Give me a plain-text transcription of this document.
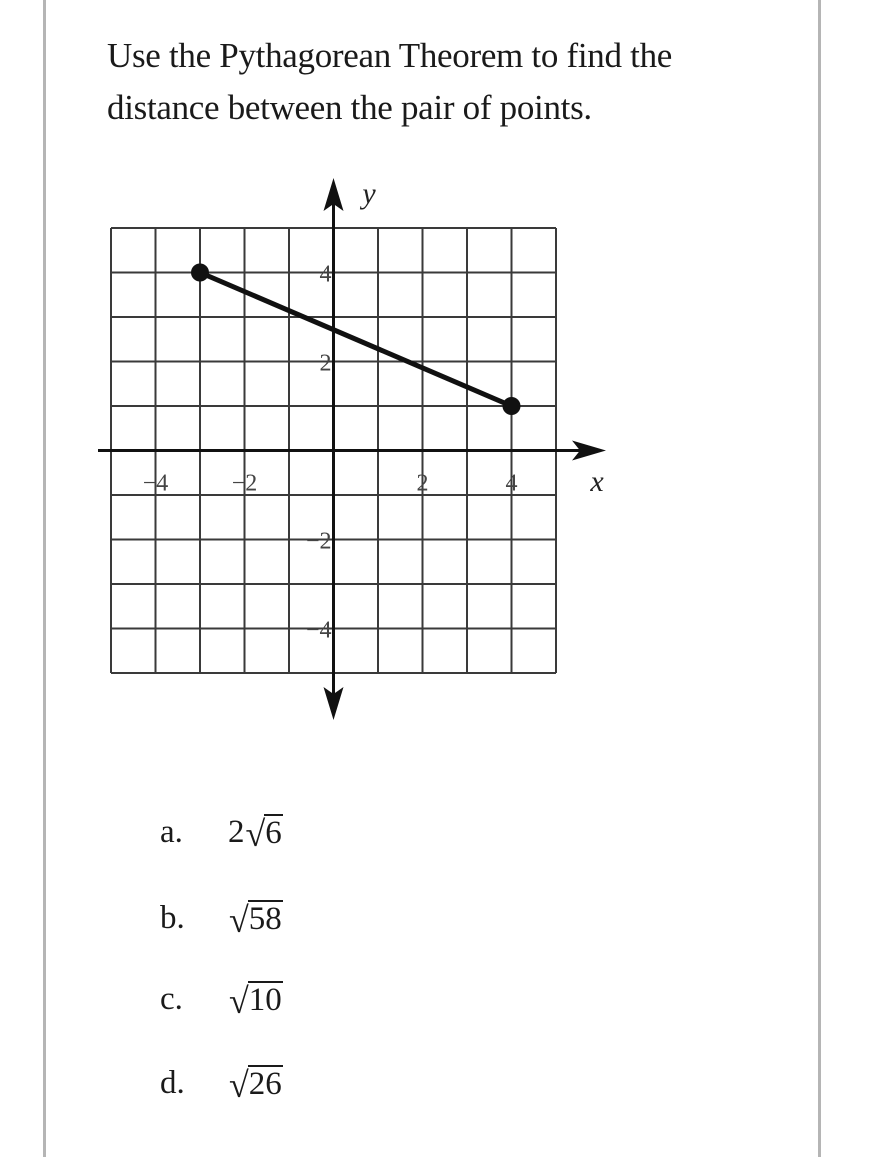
Use the Pythagorean Theorem to find the
distance between the pair of points.
x
y
−4	−2	2	4
4
2
−2
−4
a.	2 √ 6
b.	√ 58
c.	√ 10
d.	√ 26
